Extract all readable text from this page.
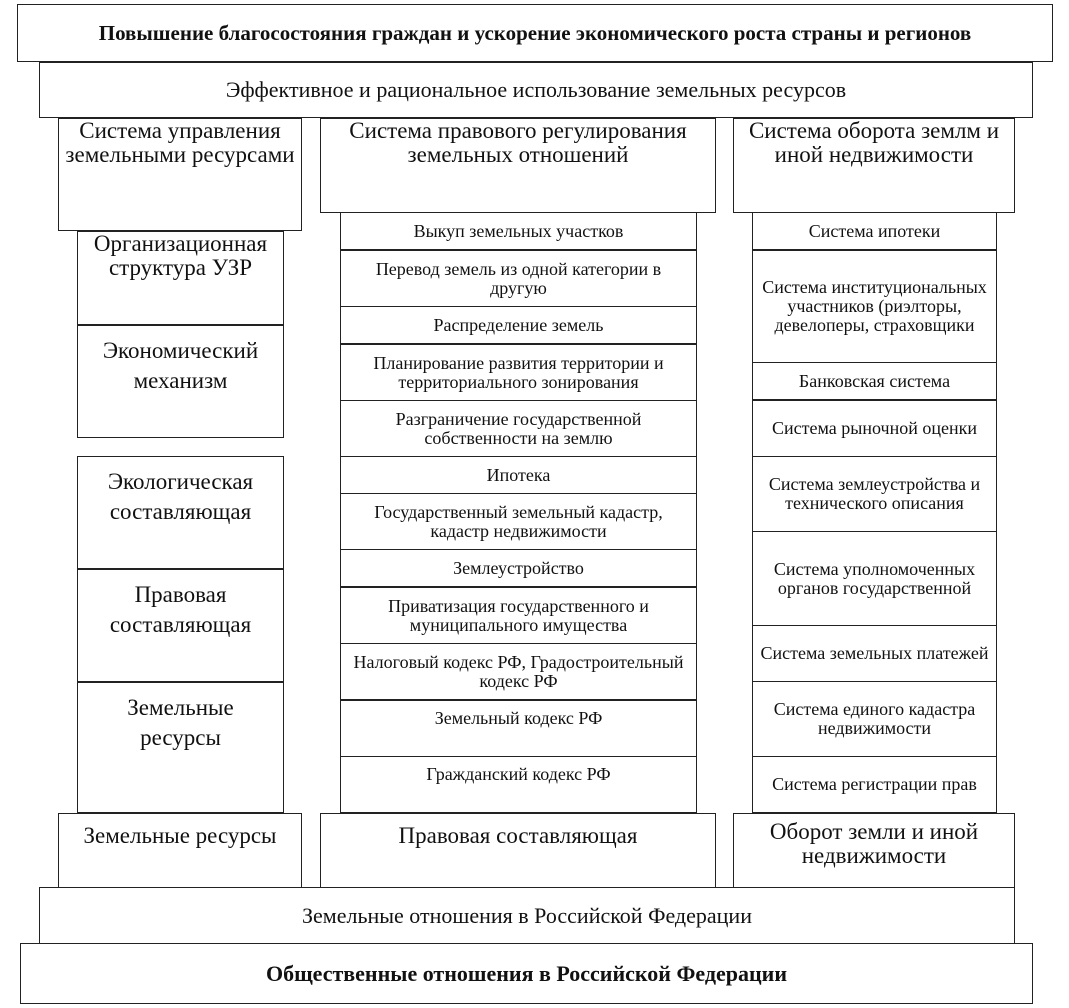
Повышение благосостояния граждан и ускорение экономического роста страны и регионов
Эффективное и рациональное использование земельных ресурсов
Система управления земельными ресурсами
Организационная структура УЗР
Экономический механизм
Экологическая составляющая
Правовая составляющая
Земельные ресурсы
Земельные ресурсы
Система правового регулирования земельных отношений
Выкуп земельных участков
Перевод земель из одной категории в другую
Распределение земель
Планирование развития территории и территориального зонирования
Разграничение государственной собственности на землю
Ипотека
Государственный земельный кадастр, кадастр недвижимости
Землеустройство
Приватизация государственного и муниципального имущества
Налоговый кодекс РФ, Градостроительный кодекс РФ
Земельный кодекс РФ
Гражданский кодекс РФ
Правовая составляющая
Система оборота землм и иной недвижимости
Система ипотеки
Система институциональных участников (риэлторы, девелоперы, страховщики
Банковская система
Система рыночной оценки
Система землеустройства и технического описания
Система уполномоченных органов государственной
Система земельных платежей
Система единого кадастра недвижимости
Система регистрации прав
Оборот земли и иной недвижимости
Земельные отношения в Российской Федерации
Общественные отношения в Российской Федерации
